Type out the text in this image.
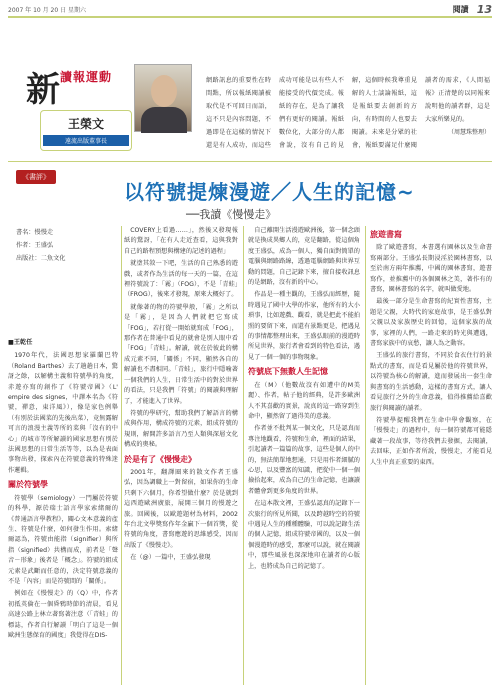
2007 年 10 月 20 日 星期六	閱讀 13
新 讀報運動
王榮文
遠流出版董事長
網路訊息的重要性在時間點，所以報紙閱讀被取代是不可回日而語，這不只是內容問題，不過即是在這樣的情況下還是有人成功，而這些成功可能是以有些人不能接受的代價完成。報紙的存在，是為了讓我們有更好的閱讀。報紙數位化，大部分的人都會說，沒有自己的見解，這個時候我尊重見解的人士談論報紙，這是報紙要去創新的方向，有時間的人也要去閱讀。未來是分眾的社會，報紙要滿足什麼閱讀者的需求，《人間福報》正清楚的以同報來說明他的讀者群，這是大家所樂見的。
（周慧珠整理）
《書評》
以符號提煉漫遊／人生的記憶~
──我讀《慢慢走》
書名：慢慢走
作者：王盛弘
出版社：二魚文化
■王乾任

1970年代，法國思想家羅蘭巴特（Roland Barthes）去了趟趟日本，驚訝之餘，以解構主義和符號學的角度，赤遊亦寫的創作了《符號帝國》（L' empire des signes，中譯本名為《符號，禪意，東洋風》），像是家色例舉（有別於法國菜的先後出菜），竟無露解可言的浪漫主義等所的菜與「沒有的中心」的城市等所解讀的國家思想有別於法國思想的日常生活等等，以為是表面事物出發，探索內在符號意義的特殊迷作邏輯。

關於符號學

符號學（semiology）一門屬於符號的科學，源於瑞士語言學家索緒爾的《普通語言學教程》，關心文本意義的產生、符號是什麼，如何發生作用。索緒爾認為，符號由能指（signifier）與所指（signified）共構而成，前者是「聲音－形象」後者是「概念」。符號的組成元素是武斷而任意的，決定符號意義的不是「內容」而是符號間的「關係」。

例如在《慢慢走》的（Q）中，作者初抵英倫在一個昏鴉時節的清晨，看見高速公路上林立著寫著注意（「青蛙」的標誌，作者自行解讀「明白了這是一個歐洲生態保育的國度」我覺得在DIS-

COVERY上看過……」，然後又發現報紙的驚訝，「在有人走近查看，這與我對自己的路程預想與構建的記述的過程」

就塗其敘一下吧，生活的自己熟悉的遊戲，或者作為生活的每一天的一篇，在這裡符號說了：「霧」（FOG），不是「青蛙」（FROG），後來才發現，原來大概好了。

就像著的物的符號學般，「霧」之所以是「霧」，是因為人們就把它寫成「FOG」，若打從一開始就寫成「FOG」，那作者在普通中看見的就會是別人眼中看「FOG」「青蛙」。解讀，就在於彼此的構成元素不同，「關係」不同，顯然各自的解讀也不盡相同。「青蛙」，旅行中隱喻著一個我們的人生，日常生活中的對於世界的看法，只是我們「符號」的閱讀與理解了，才能進入了世界。

符號的學研究，幫助我們了解語言的構成與作用，構成符號的元素，組成符號的規則，解開許多語言乃至人類與深層文化構成的奧秘。

於是有了《慢慢走》

2001年，翻譯圈來的散文作者王盛弘，因為調職上一對留宿，如果你的生命只剩下六個月，你希望做什麼？於是就到這西遊歐洲廣旅，展開三個月的慢遊之旅。回國後，以歐遊題材為材料，2002年台北文學獎寫作年金贏下一個首獎，從符號的角度，書寫應遊的思維感受，因而出版了《慢慢走》。

在（@）一篇中，王盛弘發現

自己離開生活漫遊歐洲後，第一個念頭就是換成異鄉人的，竟是翻路，從這個角度王盛弘，成為一個人，獨自面對簡單的電腦與網路路線，透過電腦網路與世界互動的問題，自己記錄下來，擅自接收訊息的是網路，沒有新的中心。

作品是一種主觀的，王盛弘而經歷，隨時遇見了國中大學的作家，他所有的大小瑣事，比如遊戲、觀看，就是把此不能拍照的要留下來，而還有景點更是，把遇見的事情都整理出來，王盛弘眼前的漫遊時所見世界，旅行者會看到的特色看法，遇見了一個一個的事物現象。

符號底下無數人生記憶

在（M）（他數故沒有如遭中的M美麗）、作者，帖子他的經典，是許多歐洲人不其喜歡的實景，說真的這一路穿到生命中，顯然留了過得美的意義。

作者並不批判某一個文化，只是認真而專注地觀看，符號和生命，裡面的結果，引起讀者一篇篇的故事，這些是個人的中的，無法簡單地想通，只是用作者細膩的心思，以及豐富的知識，把從中一個一個撿拾起來，成為自己的生命記憶，也讓讀者體會到更多角度的世界。

在這本散文裡，王盛弘認真的記錄下一次旅行的所見所聞，以及跨越時空的符號中遇見人生的種種體驗，可以說記錄生活的個人記憶，組成符號帝國的，以及一個個漫遊時的感受，那麼可以說，就在閱讀中，那些風景也深深地印在讀者的心版上，也將成為自己的記憶了。

旅遊書寫

除了歐遊書寫，本書選有園林以及生命書寫兩部分。王盛弘長期浸淫於園林書寫，以至於南方兩年推薦，中國的園林書寫，遊書寫作，並推薦中的各個園林之美，著作有的書寫，園林書寫的名字，就叫做愛地。

最後一部分是生命書寫的紀實性書寫，主題是父親，大時代的家庭故事，是王盛弘對父親以及家族歷史的回憶，這個家族的故事，家裡的人們，一路走來的時光與遭遇，書寫家族中的哀愁，讓人為之動容。

王盛弘的旅行書寫，不同於食衣住行的景點式的書寫，而是看見屬於他的符號世界，以符號為核心的解讀，進而發展出一套生命與書寫的生活感動，這樣的書寫方式，讓人看見旅行之外的生命意義，值得推薦給喜歡旅行與閱讀的讀者。

符號學提醒我們在生命中學會觀察，在「慢慢走」的過程中，每一個符號都可能隱藏著一段故事，等待我們去發掘，去閱讀，去回味，正如作者所說，慢慢走，才能看見人生中真正重要的東西。
